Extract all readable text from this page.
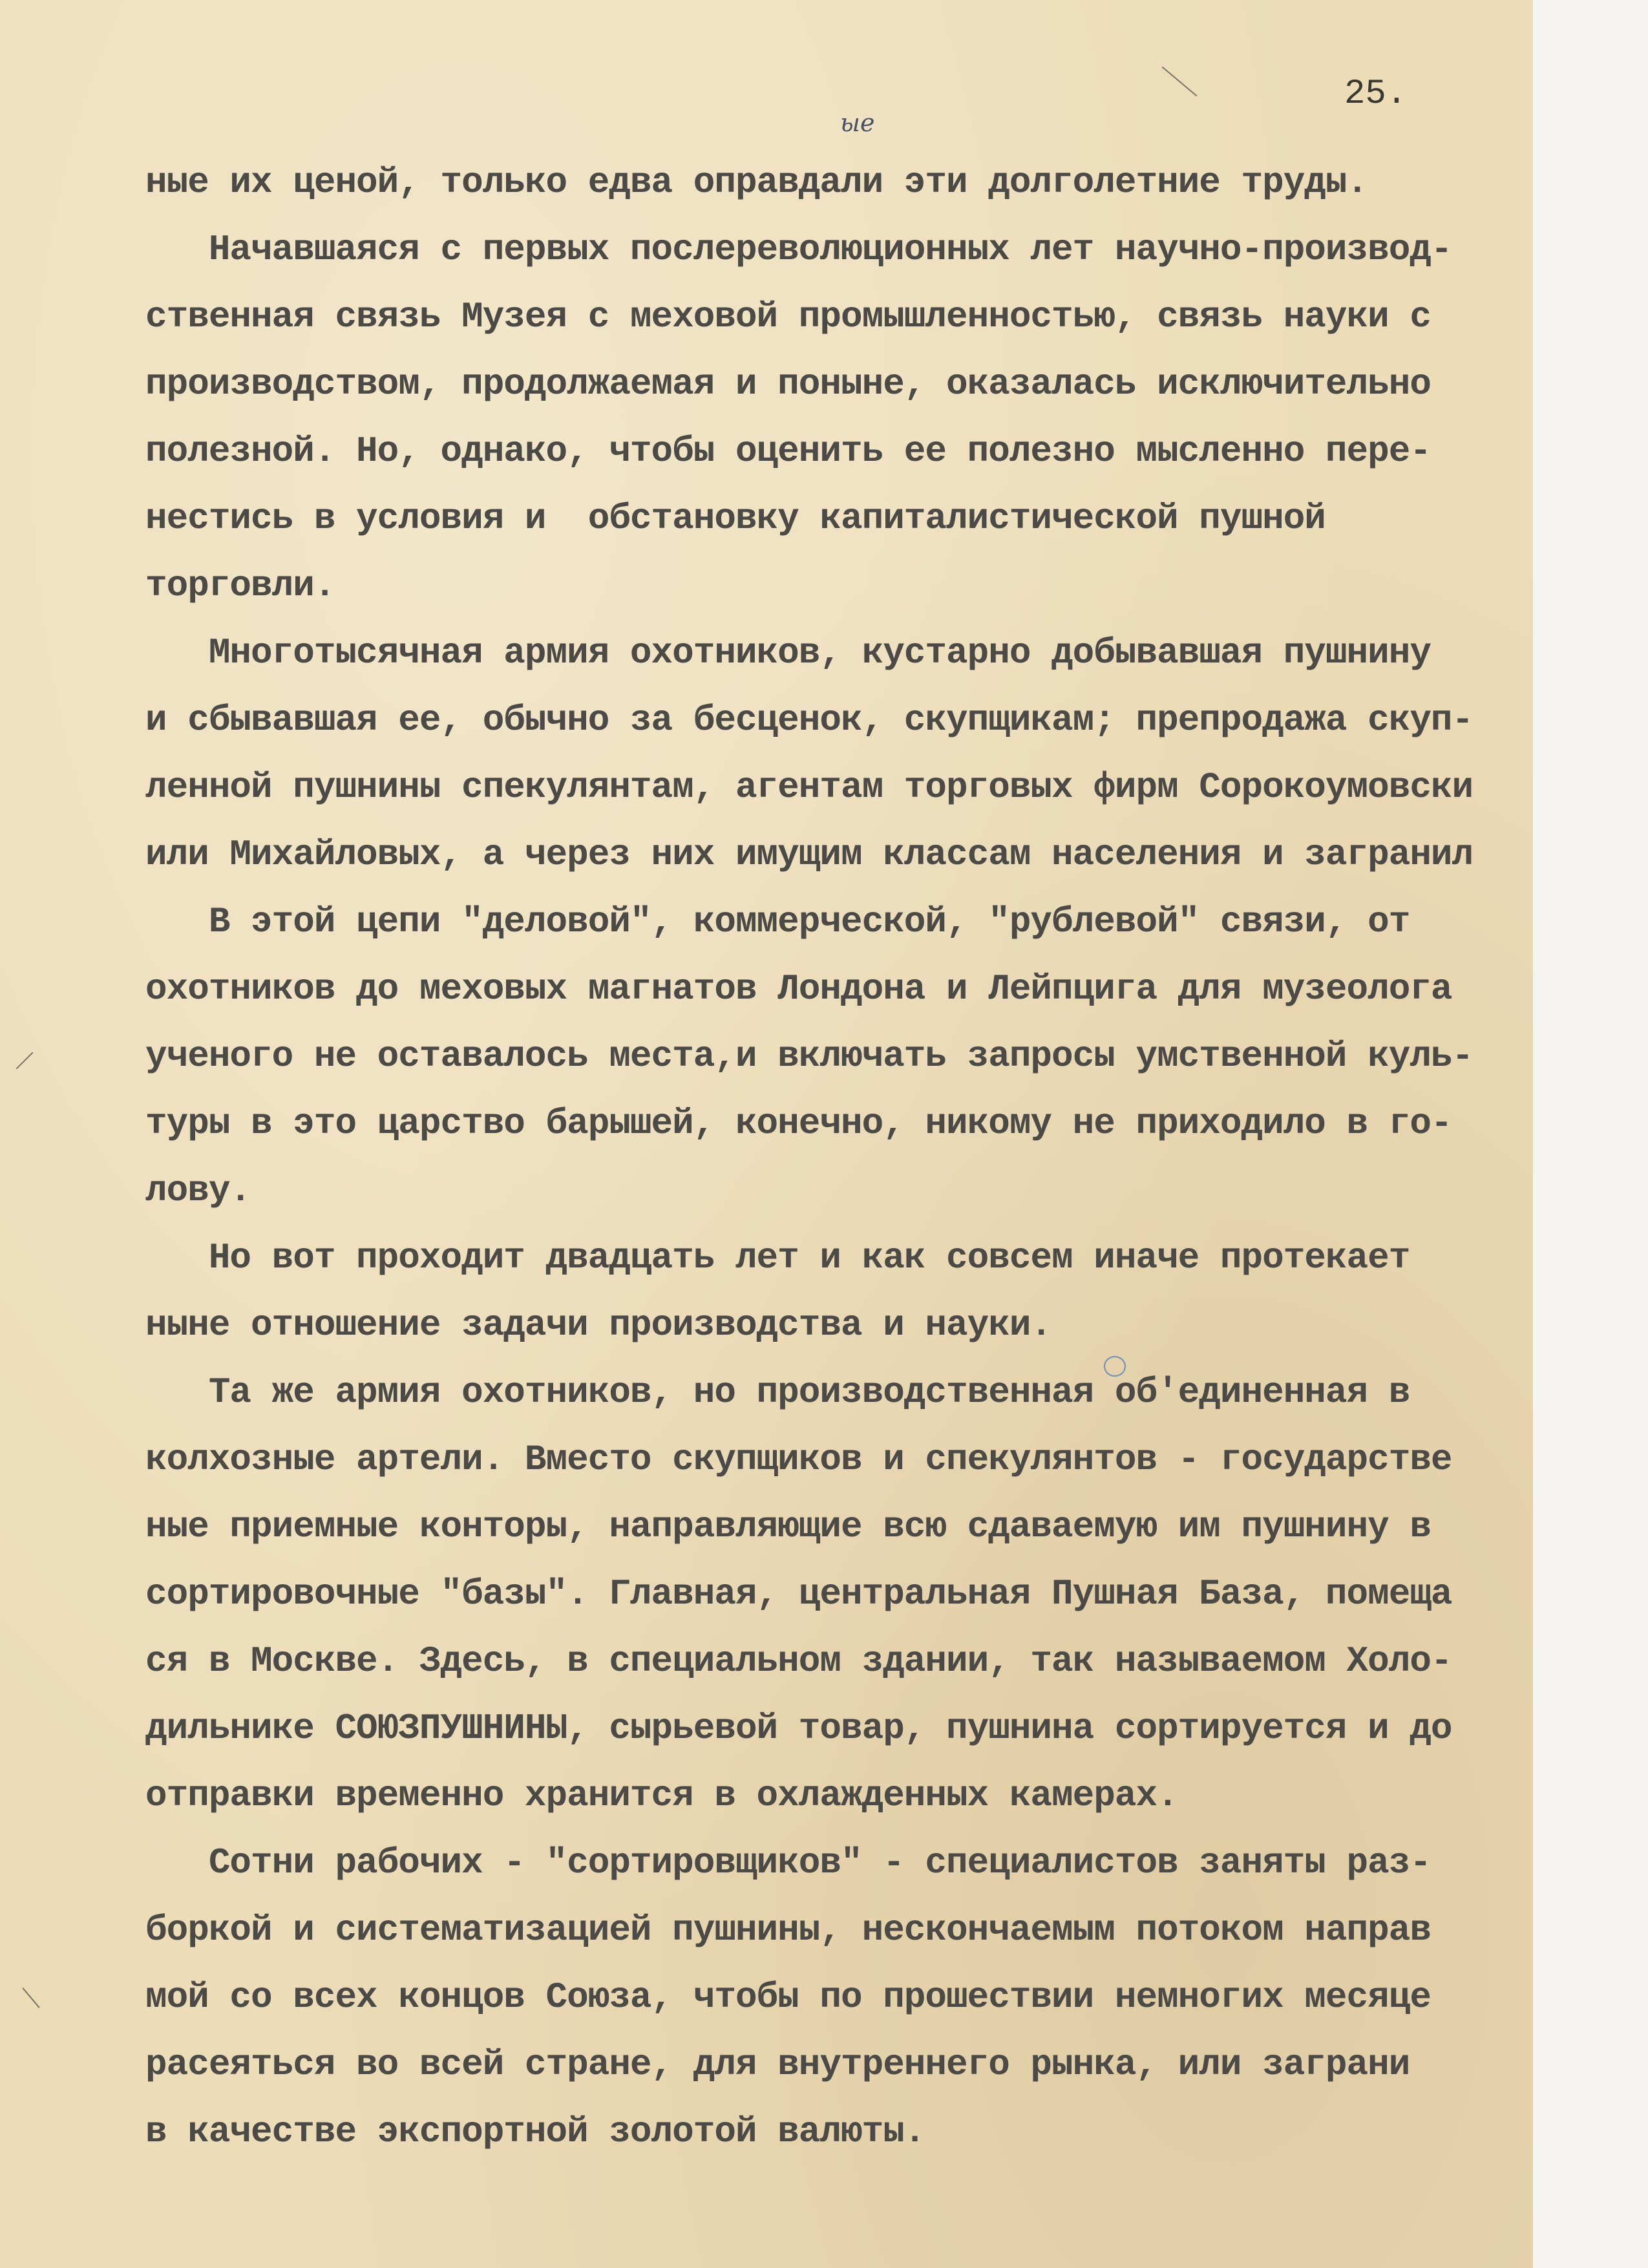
25.
ые
ные их ценой, только едва оправдали эти долголетние труды.
Начавшаяся с первых послереволюционных лет научно-производ-
ственная связь Музея с меховой промышленностью, связь науки с
производством, продолжаемая и поныне, оказалась исключительно
полезной. Но, однако, чтобы оценить ее полезно мысленно пере-
нестись в условия и  обстановку капиталистической пушной
торговли.
Многотысячная армия охотников, кустарно добывавшая пушнину
и сбывавшая ее, обычно за бесценок, скупщикам; препродажа скуп-
ленной пушнины спекулянтам, агентам торговых фирм Сорокоумовски
или Михайловых, а через них имущим классам населения и загранил
В этой цепи "деловой", коммерческой, "рублевой" связи, от
охотников до меховых магнатов Лондона и Лейпцига для музеолога
ученого не оставалось места,и включать запросы умственной куль-
туры в это царство барышей, конечно, никому не приходило в го-
лову.
Но вот проходит двадцать лет и как совсем иначе протекает
ныне отношение задачи производства и науки.
Та же армия охотников, но производственная об'единенная в
колхозные артели. Вместо скупщиков и спекулянтов - государстве
ные приемные конторы, направляющие всю сдаваемую им пушнину в
сортировочные "базы". Главная, центральная Пушная База, помеща
ся в Москве. Здесь, в специальном здании, так называемом Холо-
дильнике СОЮЗПУШНИНЫ, сырьевой товар, пушнина сортируется и до
отправки временно хранится в охлажденных камерах.
Сотни рабочих - "сортировщиков" - специалистов заняты раз-
боркой и систематизацией пушнины, нескончаемым потоком направ
мой со всех концов Союза, чтобы по прошествии немногих месяце
расеяться во всей стране, для внутреннего рынка, или заграни
в качестве экспортной золотой валюты.
